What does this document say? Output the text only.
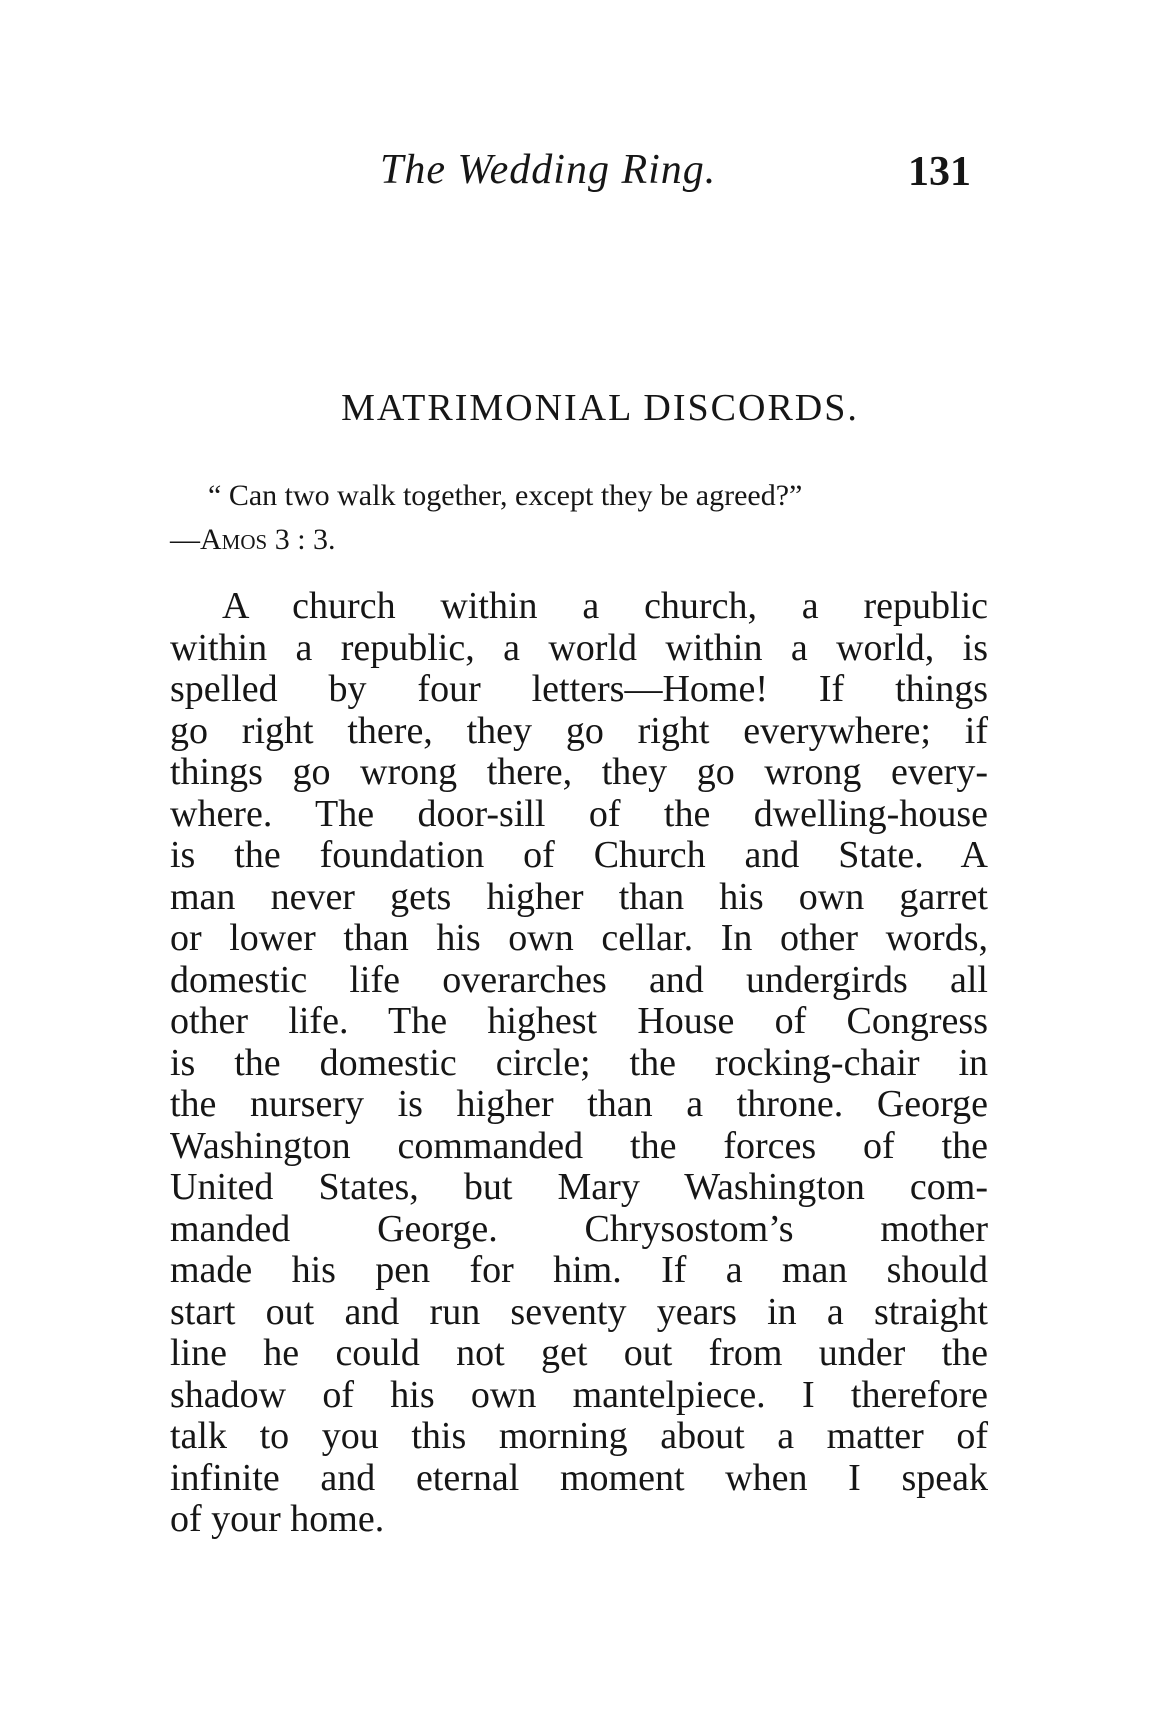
The Wedding Ring.	131
MATRIMONIAL DISCORDS.
“ Can two walk together, except they be agreed?”
—Amos 3 : 3.
A church within a church, a republic
within a republic, a world within a world, is
spelled by four letters—Home! If things
go right there, they go right everywhere; if
things go wrong there, they go wrong every-
where. The door-sill of the dwelling-house
is the foundation of Church and State. A
man never gets higher than his own garret
or lower than his own cellar. In other words,
domestic life overarches and undergirds all
other life. The highest House of Congress
is the domestic circle; the rocking-chair in
the nursery is higher than a throne. George
Washington commanded the forces of the
United States, but Mary Washington com-
manded George. Chrysostom’s mother
made his pen for him. If a man should
start out and run seventy years in a straight
line he could not get out from under the
shadow of his own mantelpiece. I therefore
talk to you this morning about a matter of
infinite and eternal moment when I speak
of your home.
